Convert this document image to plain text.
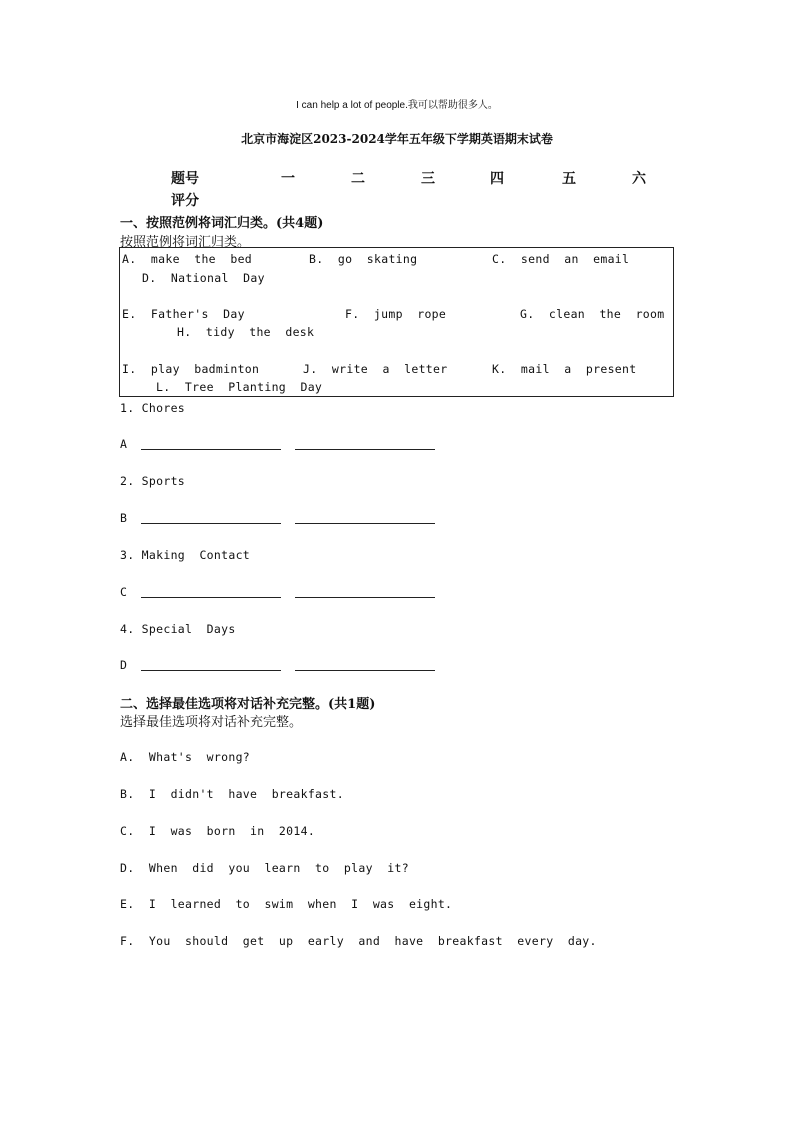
I can help a lot of people.我可以帮助很多人。
北京市海淀区2023-2024学年五年级下学期英语期末试卷
题号	一	二	三	四	五	六
评分
一、按照范例将词汇归类。(共4题)
按照范例将词汇归类。
A.  make  the  bed	B.  go  skating	C.  send  an  email
D.  National  Day
E.  Father's  Day	F.  jump  rope	G.  clean  the  room
H.  tidy  the  desk
I.  play  badminton	J.  write  a  letter	K.  mail  a  present
L.  Tree  Planting  Day
1. Chores
A
2. Sports
B
3. Making  Contact
C
4. Special  Days
D
二、选择最佳选项将对话补充完整。(共1题)
选择最佳选项将对话补充完整。
A.  What's  wrong?
B.  I  didn't  have  breakfast.
C.  I  was  born  in  2014.
D.  When  did  you  learn  to  play  it?
E.  I  learned  to  swim  when  I  was  eight.
F.  You  should  get  up  early  and  have  breakfast  every  day.
